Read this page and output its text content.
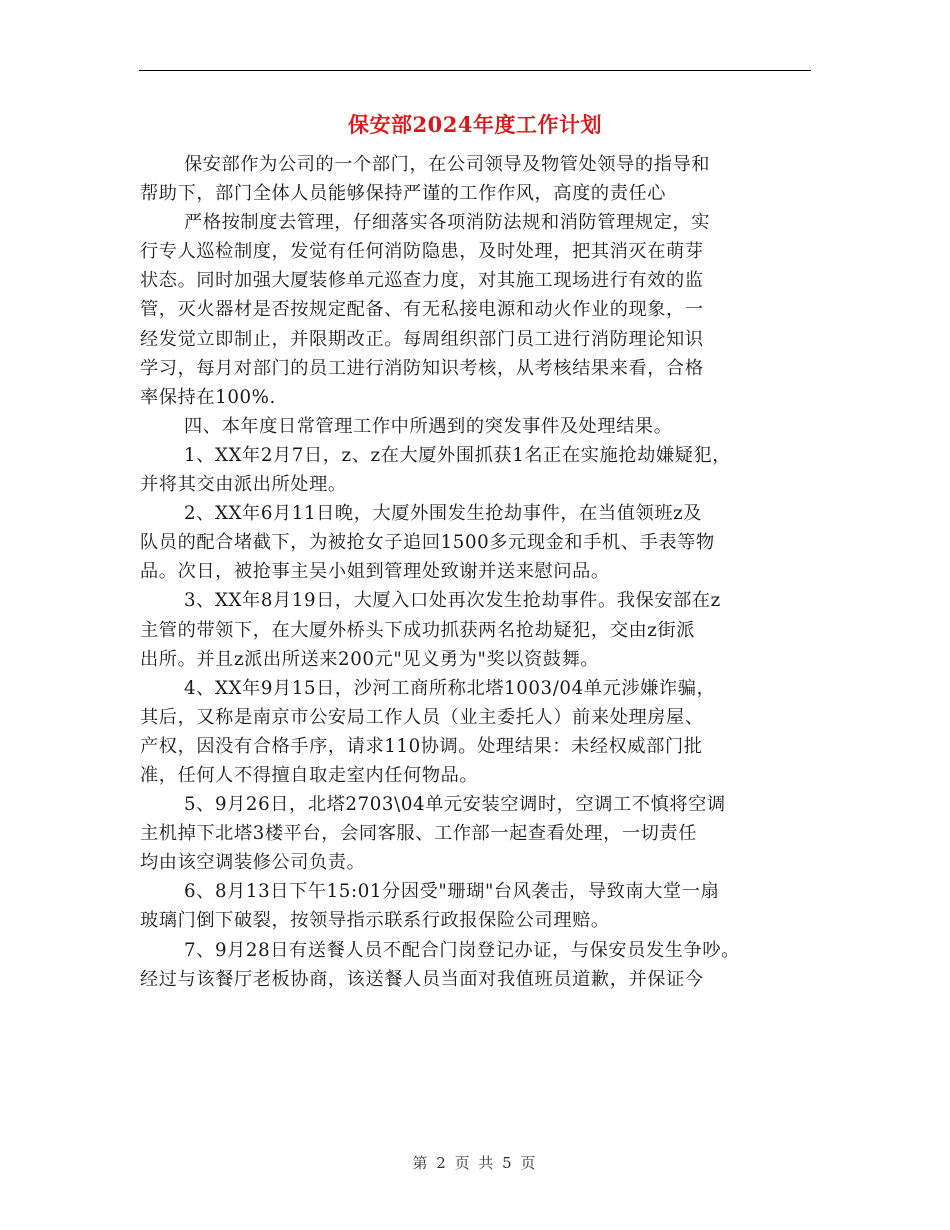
保安部2024年度工作计划
保安部作为公司的一个部门，在公司领导及物管处领导的指导和
帮助下，部门全体人员能够保持严谨的工作作风，高度的责任心
严格按制度去管理，仔细落实各项消防法规和消防管理规定，实
行专人巡检制度，发觉有任何消防隐患，及时处理，把其消灭在萌芽
状态。同时加强大厦装修单元巡查力度，对其施工现场进行有效的监
管，灭火器材是否按规定配备、有无私接电源和动火作业的现象，一
经发觉立即制止，并限期改正。每周组织部门员工进行消防理论知识
学习，每月对部门的员工进行消防知识考核，从考核结果来看，合格
率保持在100%.
四、本年度日常管理工作中所遇到的突发事件及处理结果。
1、XX年2月7日，z、z在大厦外围抓获1名正在实施抢劫嫌疑犯，
并将其交由派出所处理。
2、XX年6月11日晚，大厦外围发生抢劫事件，在当值领班z及
队员的配合堵截下，为被抢女子追回1500多元现金和手机、手表等物
品。次日，被抢事主吴小姐到管理处致谢并送来慰问品。
3、XX年8月19日，大厦入口处再次发生抢劫事件。我保安部在z
主管的带领下，在大厦外桥头下成功抓获两名抢劫疑犯，交由z街派
出所。并且z派出所送来200元"见义勇为"奖以资鼓舞。
4、XX年9月15日，沙河工商所称北塔1003/04单元涉嫌诈骗，
其后，又称是南京市公安局工作人员（业主委托人）前来处理房屋、
产权，因没有合格手序，请求110协调。处理结果：未经权威部门批
准，任何人不得擅自取走室内任何物品。
5、9月26日，北塔2703\04单元安装空调时，空调工不慎将空调
主机掉下北塔3楼平台，会同客服、工作部一起查看处理，一切责任
均由该空调装修公司负责。
6、8月13日下午15:01分因受"珊瑚"台风袭击，导致南大堂一扇
玻璃门倒下破裂，按领导指示联系行政报保险公司理赔。
7、9月28日有送餐人员不配合门岗登记办证，与保安员发生争吵。
经过与该餐厅老板协商，该送餐人员当面对我值班员道歉，并保证今
第 2 页 共 5 页
